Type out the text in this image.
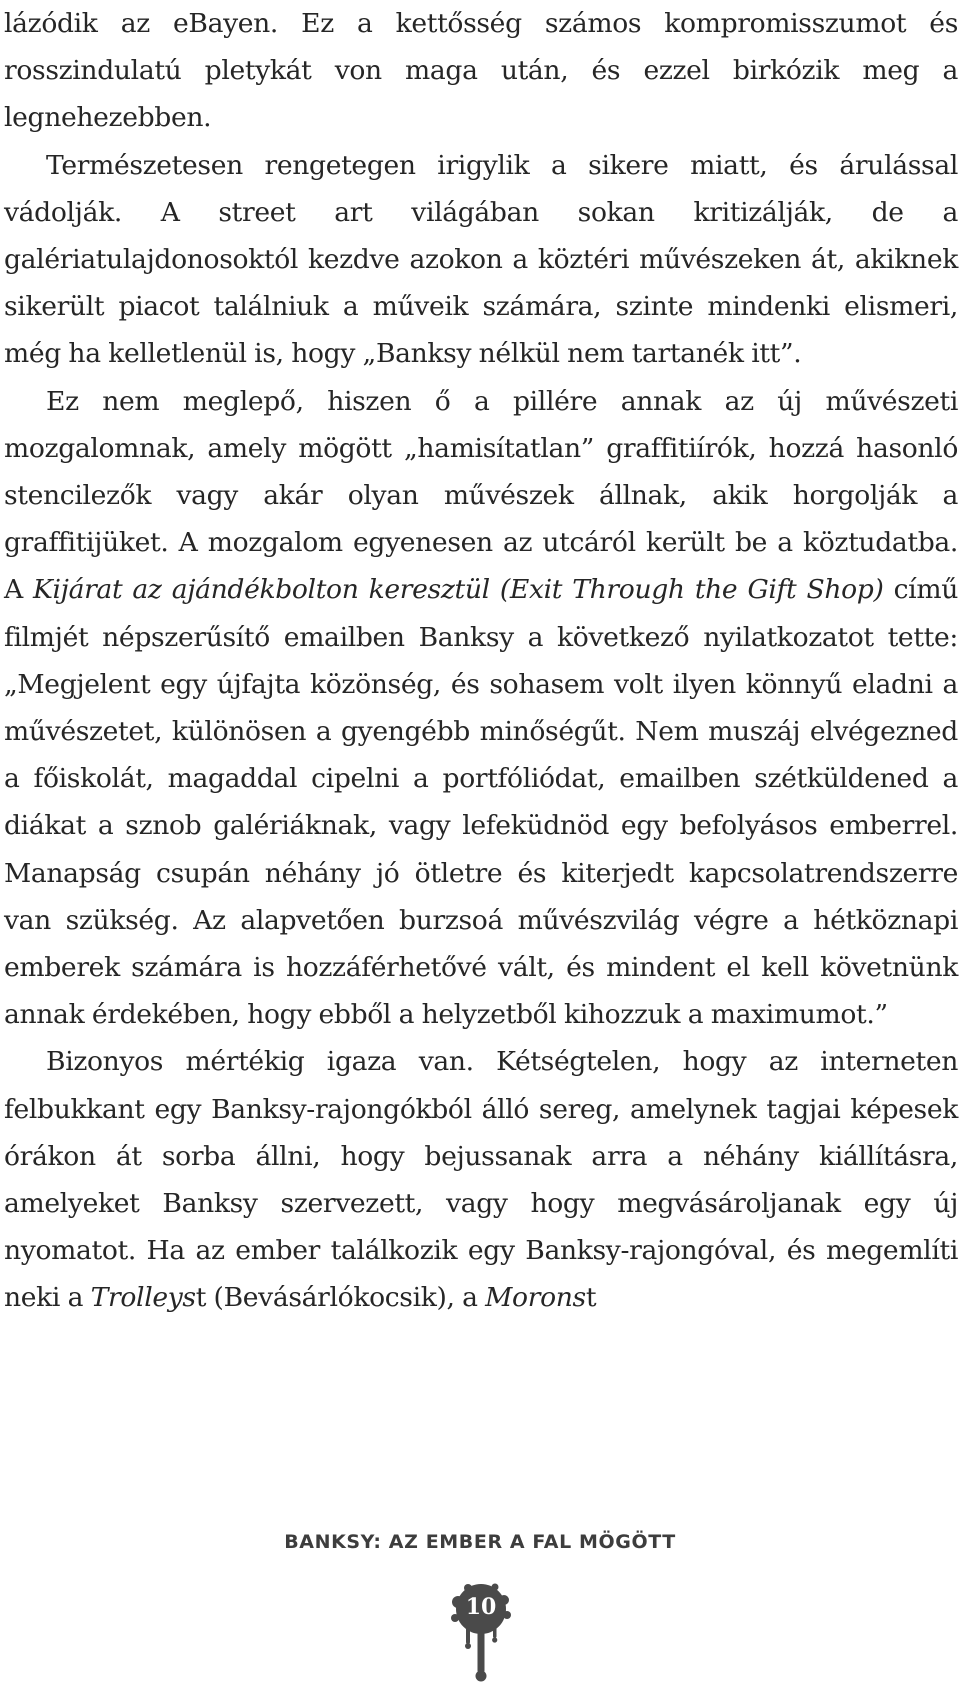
lázódik az eBayen. Ez a kettősség számos kompromisszumot és rosszindulatú pletykát von maga után, és ezzel birkózik meg a legnehezebben.

Természetesen rengetegen irigylik a sikere miatt, és árulással vádolják. A street art világában sokan kritizálják, de a galériatulajdonosoktól kezdve azokon a köztéri művészeken át, akiknek sikerült piacot találniuk a műveik számára, szinte mindenki elismeri, még ha kelletlenül is, hogy „Banksy nélkül nem tartanék itt”.

Ez nem meglepő, hiszen ő a pillére annak az új művészeti mozgalomnak, amely mögött „hamisítatlan” graffitiírók, hozzá hasonló stencilezők vagy akár olyan művészek állnak, akik horgolják a graffitijüket. A mozgalom egyenesen az utcáról került be a köztudatba. A Kijárat az ajándékbolton keresztül (Exit Through the Gift Shop) című filmjét népszerűsítő emailben Banksy a következő nyilatkozatot tette: „Megjelent egy újfajta közönség, és sohasem volt ilyen könnyű eladni a művészetet, különösen a gyengébb minőségűt. Nem muszáj elvégezned a főiskolát, magaddal cipelni a portfóliódat, emailben szétküldened a diákat a sznob galériáknak, vagy lefeküdnöd egy befolyásos emberrel. Manapság csupán néhány jó ötletre és kiterjedt kapcsolatrendszerre van szükség. Az alapvetően burzsoá művészvilág végre a hétköznapi emberek számára is hozzáférhetővé vált, és mindent el kell követnünk annak érdekében, hogy ebből a helyzetből kihozzuk a maximumot.”

Bizonyos mértékig igaza van. Kétségtelen, hogy az interneten felbukkant egy Banksy-rajongókból álló sereg, amelynek tagjai képesek órákon át sorba állni, hogy bejussanak arra a néhány kiállításra, amelyeket Banksy szervezett, vagy hogy megvásároljanak egy új nyomatot. Ha az ember találkozik egy Banksy-rajongóval, és megemlíti neki a Trolleyst (Bevásárlókocsik), a Moronst

BANKSY: AZ EMBER A FAL MÖGÖTT
10
